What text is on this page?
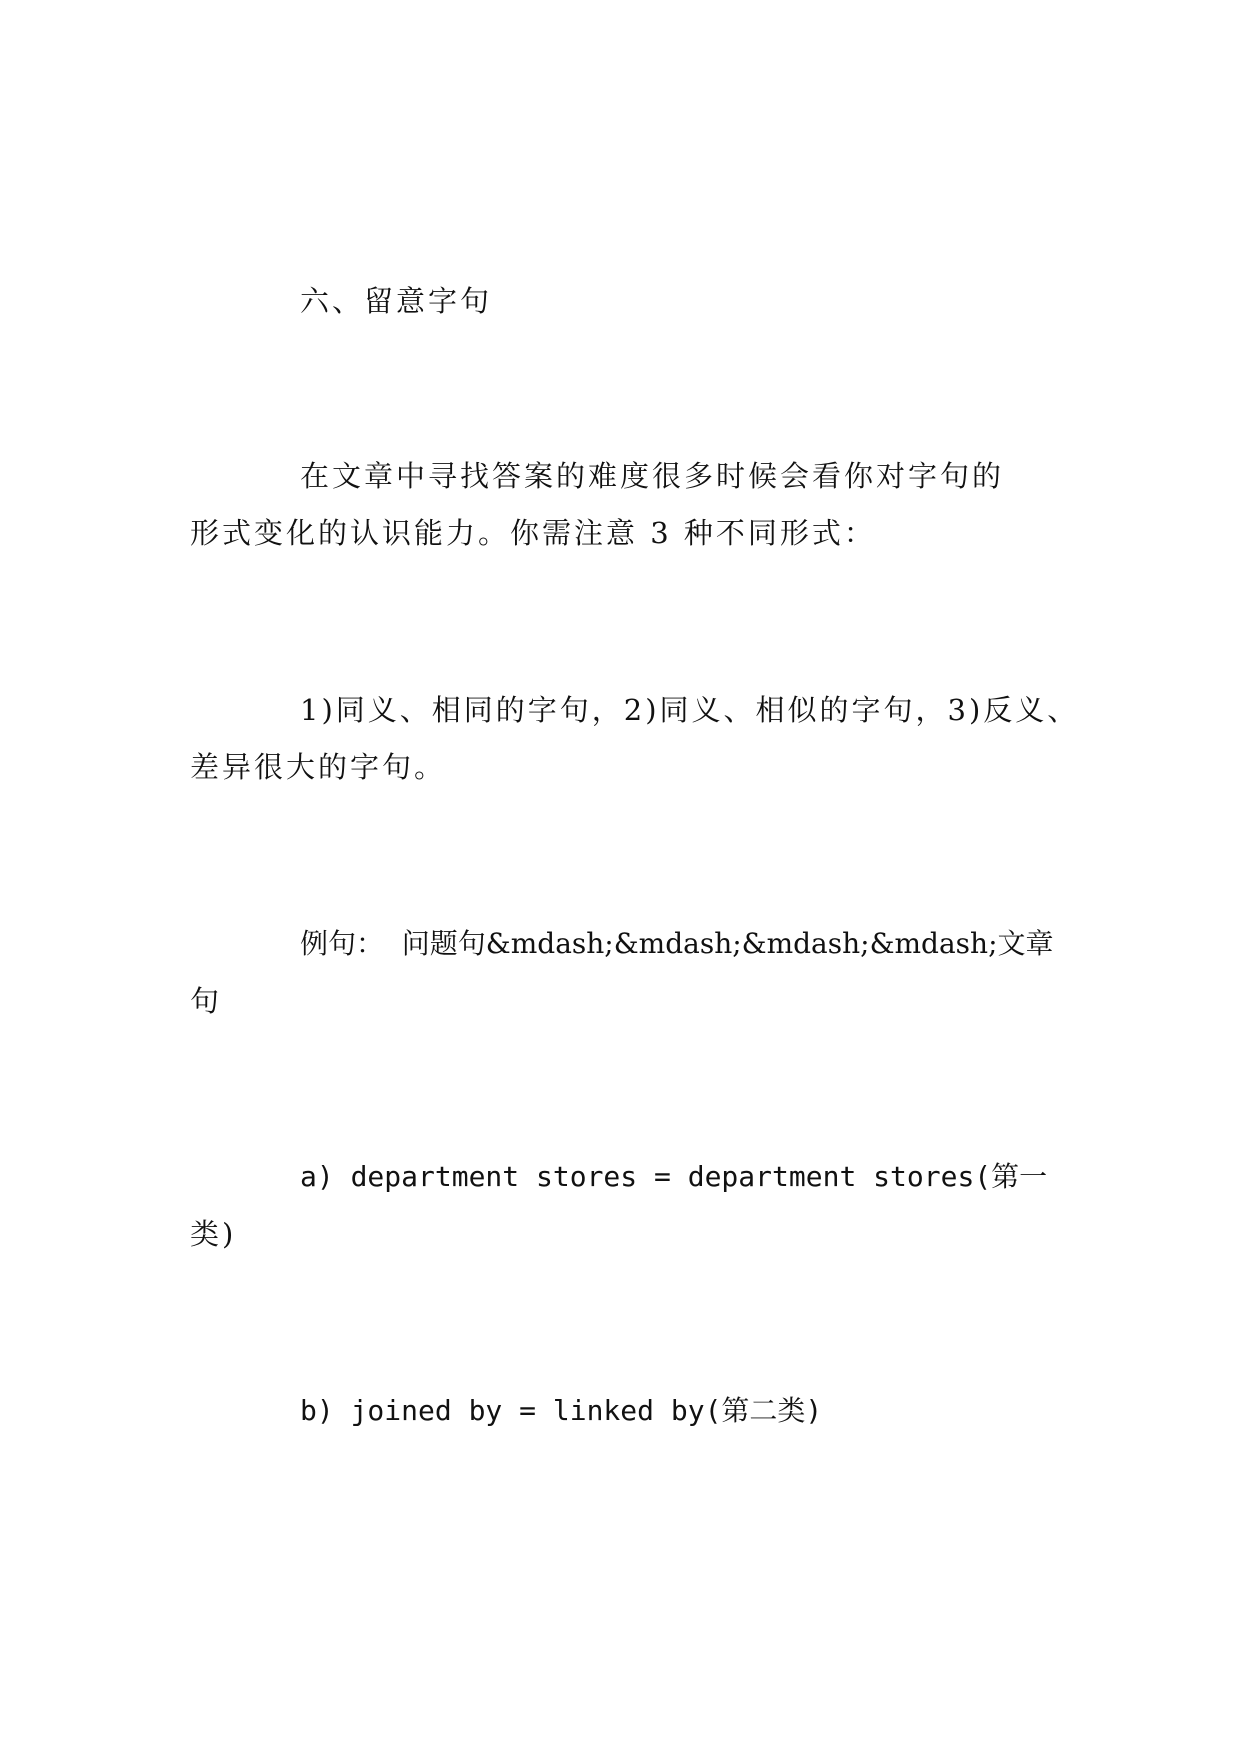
六、留意字句
在文章中寻找答案的难度很多时候会看你对字句的
形式变化的认识能力。你需注意 3 种不同形式：
1)同义、相同的字句，2)同义、相似的字句，3)反义、
差异很大的字句。
例句：  问题句&mdash;&mdash;&mdash;&mdash;文章
句
a) department stores = department stores(第一
类)
b) joined by = linked by(第二类)
